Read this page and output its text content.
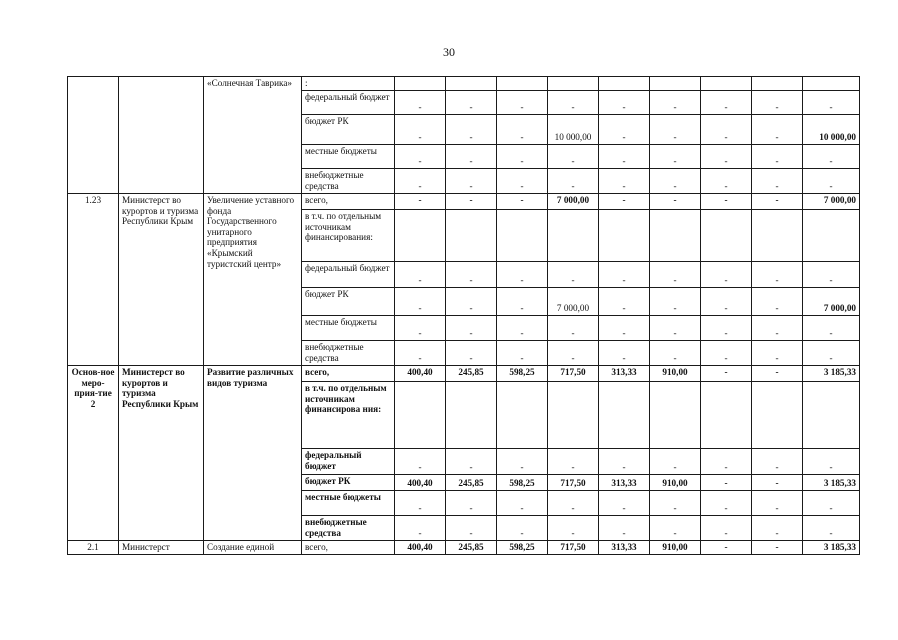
30
		«Солнечная Таврика»	:									
			федеральный бюджет	-	-	-	-	-	-	-	-	-
			бюджет РК	-	-	-	10 000,00	-	-	-	-	10 000,00
			местные бюджеты	-	-	-	-	-	-	-	-	-
			внебюджетные средства	-	-	-	-	-	-	-	-	-
1.23	Министерст во курортов и туризма Республики Крым	Увеличение уставного фонда Государственного унитарного предприятия «Крымский туристский центр»	всего,	-	-	-	7 000,00	-	-	-	-	7 000,00
			в т.ч. по отдельным источникам финансирования:									
			федеральный бюджет	-	-	-	-	-	-	-	-	-
			бюджет РК	-	-	-	7 000,00	-	-	-	-	7 000,00
			местные бюджеты	-	-	-	-	-	-	-	-	-
			внебюджетные средства	-	-	-	-	-	-	-	-	-
Основ-ное меро-прия-тие 2	Министерст во курортов и туризма Республики Крым	Развитие различных видов туризма	всего,	400,40	245,85	598,25	717,50	313,33	910,00	-	-	3 185,33
			в т.ч. по отдельным источникам финансирова ния:									
			федеральный бюджет	-	-	-	-	-	-	-	-	-
			бюджет РК	400,40	245,85	598,25	717,50	313,33	910,00	-	-	3 185,33
			местные бюджеты	-	-	-	-	-	-	-	-	-
			внебюджетные средства	-	-	-	-	-	-	-	-	-
2.1	Министерст	Создание единой	всего,	400,40	245,85	598,25	717,50	313,33	910,00	-	-	3 185,33
